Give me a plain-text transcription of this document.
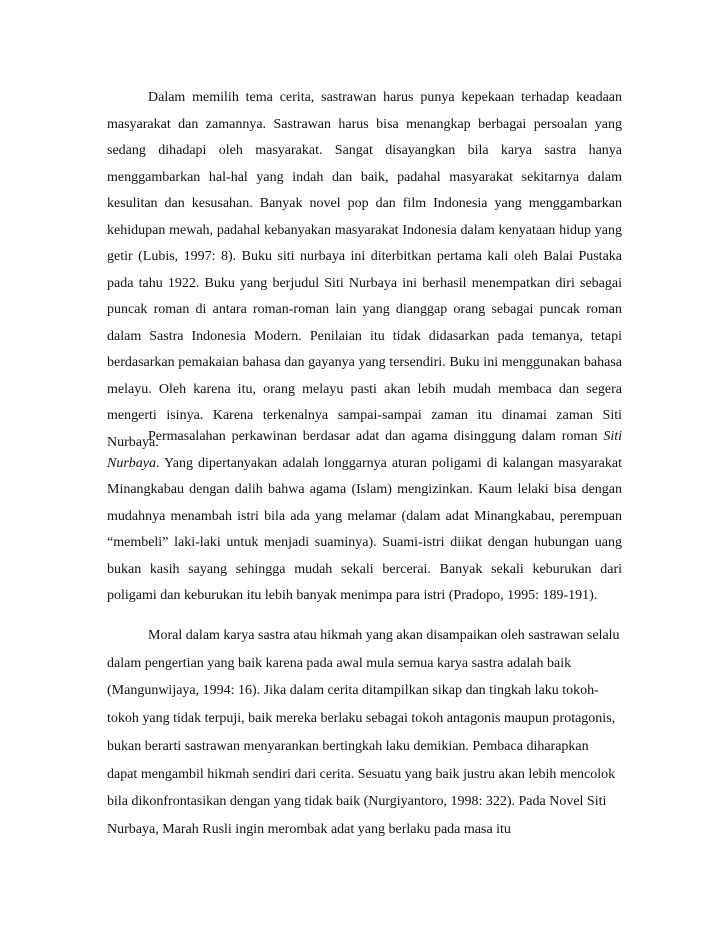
Dalam memilih tema cerita, sastrawan harus punya kepekaan terhadap keadaan masyarakat dan zamannya. Sastrawan harus bisa menangkap berbagai persoalan yang sedang dihadapi oleh masyarakat. Sangat disayangkan bila karya sastra hanya menggambarkan hal-hal yang indah dan baik, padahal masyarakat sekitarnya dalam kesulitan dan kesusahan. Banyak novel pop dan film Indonesia yang menggambarkan kehidupan mewah, padahal kebanyakan masyarakat Indonesia dalam kenyataan hidup yang getir (Lubis, 1997: 8). Buku siti nurbaya ini diterbitkan pertama kali oleh Balai Pustaka pada tahu 1922. Buku yang berjudul Siti Nurbaya ini berhasil menempatkan diri sebagai puncak roman di antara roman-roman lain yang dianggap orang sebagai puncak roman dalam Sastra Indonesia Modern. Penilaian itu tidak didasarkan pada temanya, tetapi berdasarkan pemakaian bahasa dan gayanya yang tersendiri. Buku ini menggunakan bahasa melayu. Oleh karena itu, orang melayu pasti akan lebih mudah membaca dan segera mengerti isinya. Karena terkenalnya sampai-sampai zaman itu dinamai zaman Siti Nurbaya.

Permasalahan perkawinan berdasar adat dan agama disinggung dalam roman Siti Nurbaya. Yang dipertanyakan adalah longgarnya aturan poligami di kalangan masyarakat Minangkabau dengan dalih bahwa agama (Islam) mengizinkan. Kaum lelaki bisa dengan mudahnya menambah istri bila ada yang melamar (dalam adat Minangkabau, perempuan “membeli” laki-laki untuk menjadi suaminya). Suami-istri diikat dengan hubungan uang bukan kasih sayang sehingga mudah sekali bercerai. Banyak sekali keburukan dari poligami dan keburukan itu lebih banyak menimpa para istri (Pradopo, 1995: 189-191).

Moral dalam karya sastra atau hikmah yang akan disampaikan oleh sastrawan selalu dalam pengertian yang baik karena pada awal mula semua karya sastra adalah baik (Mangunwijaya, 1994: 16). Jika dalam cerita ditampilkan sikap dan tingkah laku tokoh-tokoh yang tidak terpuji, baik mereka berlaku sebagai tokoh antagonis maupun protagonis, bukan berarti sastrawan menyarankan bertingkah laku demikian. Pembaca diharapkan dapat mengambil hikmah sendiri dari cerita. Sesuatu yang baik justru akan lebih mencolok bila dikonfrontasikan dengan yang tidak baik (Nurgiyantoro, 1998: 322). Pada Novel Siti Nurbaya, Marah Rusli ingin merombak adat yang berlaku pada masa itu
